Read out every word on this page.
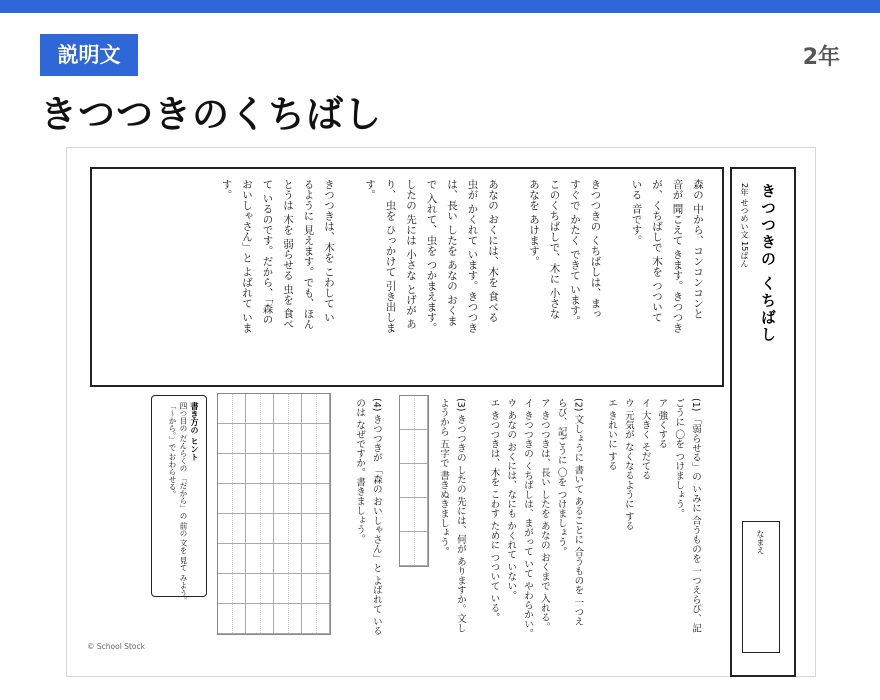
説明文	2年
きつつきのくちばし
きつつきの くちばし
2年 せつめい文 15ばん
なまえ
森の 中から、コンコンコンと
音が 聞こえて きます。きつつき
が、くちばしで 木を つついて
いる 音です。

きつつきの くちばしは、まっ
すぐで かたく できて います。
このくちばしで、木に 小さな
あなを あけます。

あなの おくには、木を 食べる
虫が かくれて います。きつつき
は、長い したを あなの おくま
で 入れて、虫を つかまえます。
したの 先には 小さな とげが あ
り、虫を ひっかけて 引き出しま
す。

きつつきは、木を こわして い
るように 見えます。でも、ほん
とうは 木を 弱らせる 虫を 食べ
て いるのです。だから、「森の
おいしゃさん」と よばれて いま
す。
(1) 「弱らせる」の いみに 合うものを 一つえらび、記
ごうに 〇を つけましょう。
ア 強くする
イ 大きく そだてる
ウ 元気が なくなるように する
エ きれいに する

(2) 文しょうに 書いて あることに 合うものを 一つえ
らび、記ごうに 〇を つけましょう。
ア きつつきは、長い したを あなの おくまで 入れる。
イ きつつきの くちばしは、まがって いて やわらかい。
ウ あなの おくには、なにも かくれて いない。
エ きつつきは、木を こわす ために つついて いる。

(3) きつつきの したの 先には、何が ありますか。文し
ようから 五字で 書きぬきましょう。

(4) きつつきが 「森の おいしゃさん」と よばれて いる
のは なぜですか。書きましょう。
書き方の ヒント
四つ目の だんらくの 「だから」の 前の 文を 見て みよう。
「〜から。」で おわらせる。
© School Stock
